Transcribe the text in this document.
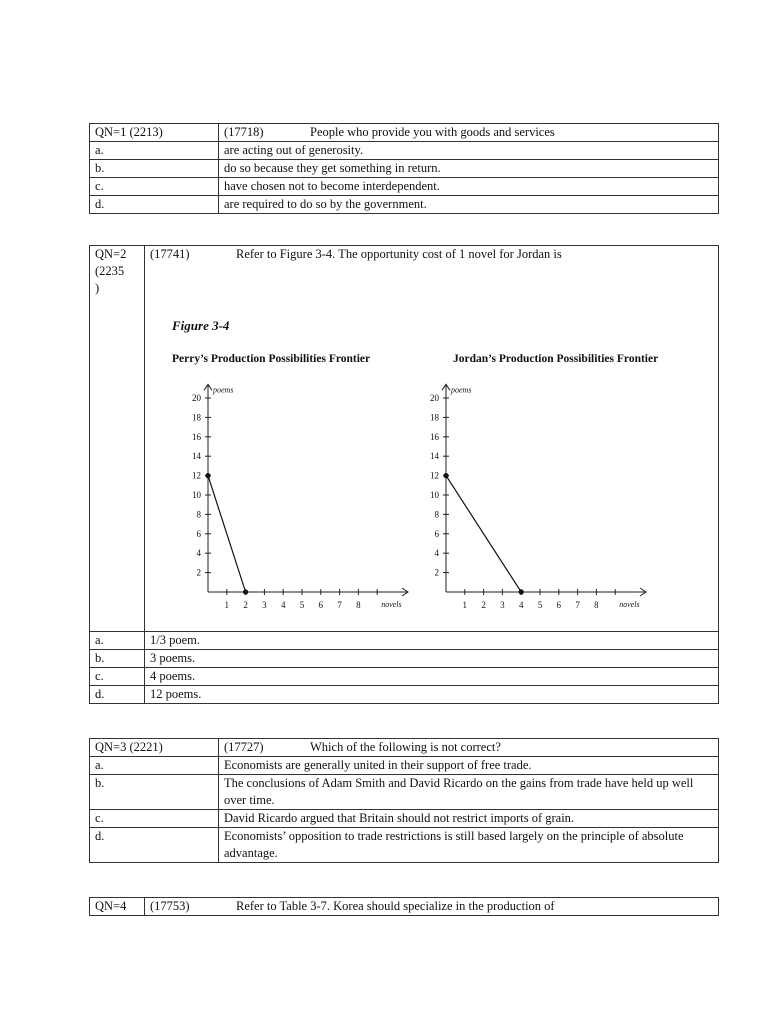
QN=1 (2213)	(17718) People who provide you with goods and services
a.	are acting out of generosity.
b.	do so because they get something in return.
c.	have chosen not to become interdependent.
d.	are required to do so by the government.
QN=2
(2235
)	(17741) Refer to Figure 3-4. The opportunity cost of 1 novel for Jordan is
a.	1/3 poem.
b.	3 poems.
c.	4 poems.
d.	12 poems.
Figure 3-4
Perry’s Production Possibilities Frontier	Jordan’s Production Possibilities Frontier
2
4
6
8
10
12
14
16
18
20
1 2 3 4 5 6 7 8
poems
novels
2
4
6
8
10
12
14
16
18
20
1 2 3 4 5 6 7 8
poems
novels
QN=3 (2221)	(17727) Which of the following is not correct?
a.	Economists are generally united in their support of free trade.
b.	The conclusions of Adam Smith and David Ricardo on the gains from trade have held up well over time.
c.	David Ricardo argued that Britain should not restrict imports of grain.
d.	Economists’ opposition to trade restrictions is still based largely on the principle of absolute advantage.
QN=4	(17753)	Refer to Table 3-7. Korea should specialize in the production of
